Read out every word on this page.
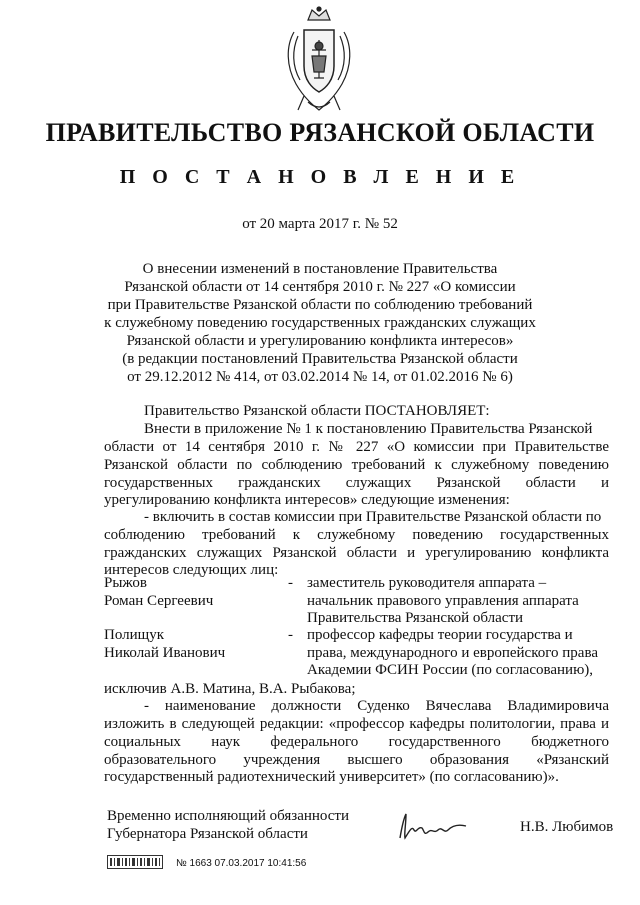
ПРАВИТЕЛЬСТВО РЯЗАНСКОЙ ОБЛАСТИ
П О С Т А Н О В Л Е Н И Е
от 20 марта 2017 г. № 52
О внесении изменений в постановление Правительства
Рязанской области от 14 сентября 2010 г. № 227 «О комиссии
при Правительстве Рязанской области по соблюдению требований
к служебному поведению государственных гражданских служащих
Рязанской области и урегулированию конфликта интересов»
(в редакции постановлений Правительства Рязанской области
от 29.12.2012 № 414, от 03.02.2014 № 14, от 01.02.2016 № 6)
Правительство Рязанской области ПОСТАНОВЛЯЕТ:
Внести в приложение № 1 к постановлению Правительства Рязанской
области от 14 сентября 2010 г. № 227 «О комиссии при Правительстве
Рязанской области по соблюдению требований к служебному поведению
государственных гражданских служащих Рязанской области и
урегулированию конфликта интересов» следующие изменения:
- включить в состав комиссии при Правительстве Рязанской области по
соблюдению требований к служебному поведению государственных
гражданских служащих Рязанской области и урегулированию конфликта
интересов следующих лиц:
Рыжов
Роман Сергеевич
- заместитель руководителя аппарата –
начальник правового управления аппарата
Правительства Рязанской области
Полищук
Николай Иванович
- профессор кафедры теории государства и
права, международного и европейского права
Академии ФСИН России (по согласованию),
исключив А.В. Матина, В.А. Рыбакова;
- наименование должности Суденко Вячеслава Владимировича
изложить в следующей редакции: «профессор кафедры политологии, права и
социальных наук федерального государственного бюджетного
образовательного учреждения высшего образования «Рязанский
государственный радиотехнический университет» (по согласованию)».
Временно исполняющий обязанности
Губернатора Рязанской области	Н.В. Любимов
№ 1663 07.03.2017 10:41:56
